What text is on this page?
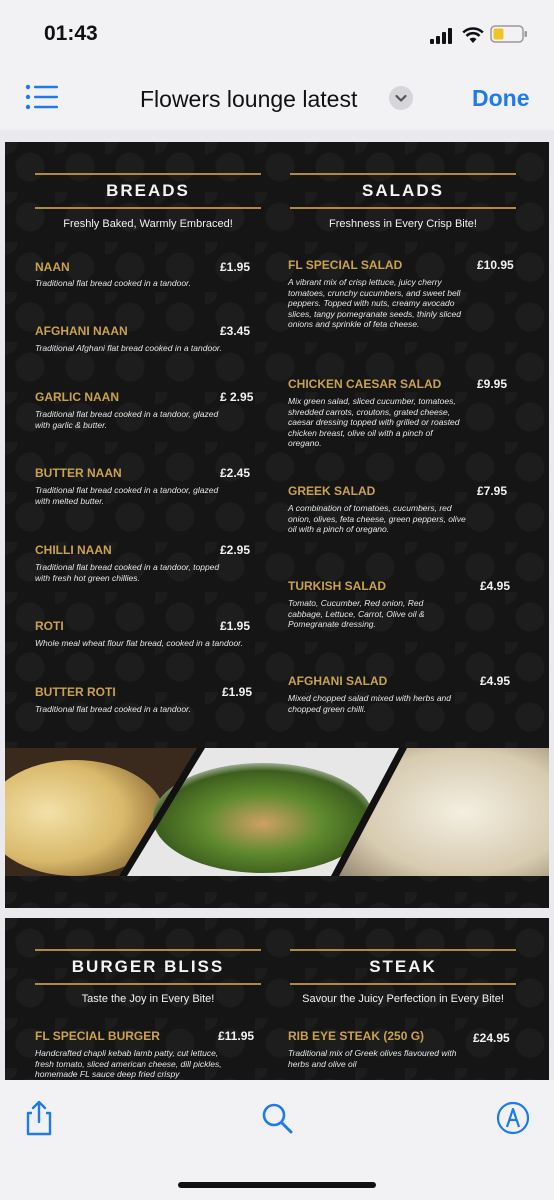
01:43
Flowers lounge latest	Done
BREADS
Freshly Baked, Warmly Embraced!
NAAN	£1.95
Traditional flat bread cooked in a tandoor.
AFGHANI NAAN	£3.45
Traditional Afghani flat bread cooked in a tandoor.
GARLIC NAAN	£ 2.95
Traditional flat bread cooked in a tandoor, glazed with garlic & butter.
BUTTER NAAN	£2.45
Traditional flat bread cooked in a tandoor, glazed with melted butter.
CHILLI NAAN	£2.95
Traditional flat bread cooked in a tandoor, topped with fresh hot green chillies.
ROTI	£1.95
Whole meal wheat flour flat bread, cooked in a tandoor.
BUTTER ROTI	£1.95
Traditional flat bread cooked in a tandoor.
SALADS
Freshness in Every Crisp Bite!
FL SPECIAL SALAD	£10.95
A vibrant mix of crisp lettuce, juicy cherry tomatoes, crunchy cucumbers, and sweet bell peppers. Topped with nuts, creamy avocado slices, tangy pomegranate seeds, thinly sliced onions and sprinkle of feta cheese.
CHICKEN CAESAR SALAD	£9.95
Mix green salad, sliced cucumber, tomatoes, shredded carrots, croutons, grated cheese, caesar dressing topped with grilled or roasted chicken breast, olive oil with a pinch of oregano.
GREEK SALAD	£7.95
A combination of tomatoes, cucumbers, red onion, olives, feta cheese, green peppers, olive oil with a pinch of oregano.
TURKISH SALAD	£4.95
Tomato, Cucumber, Red onion, Red cabbage, Lettuce, Carrot, Olive oil & Pomegranate dressing.
AFGHANI SALAD	£4.95
Mixed chopped salad mixed with herbs and chopped green chilli.
BURGER BLISS
Taste the Joy in Every Bite!
FL SPECIAL BURGER	£11.95
Handcrafted chapli kebab lamb patty, cut lettuce, fresh tomato, sliced american cheese, dill pickles, homemade FL sauce deep fried crispy
STEAK
Savour the Juicy Perfection in Every Bite!
RIB EYE STEAK (250 G)	£24.95
Traditional mix of Greek olives flavoured with herbs and olive oil
